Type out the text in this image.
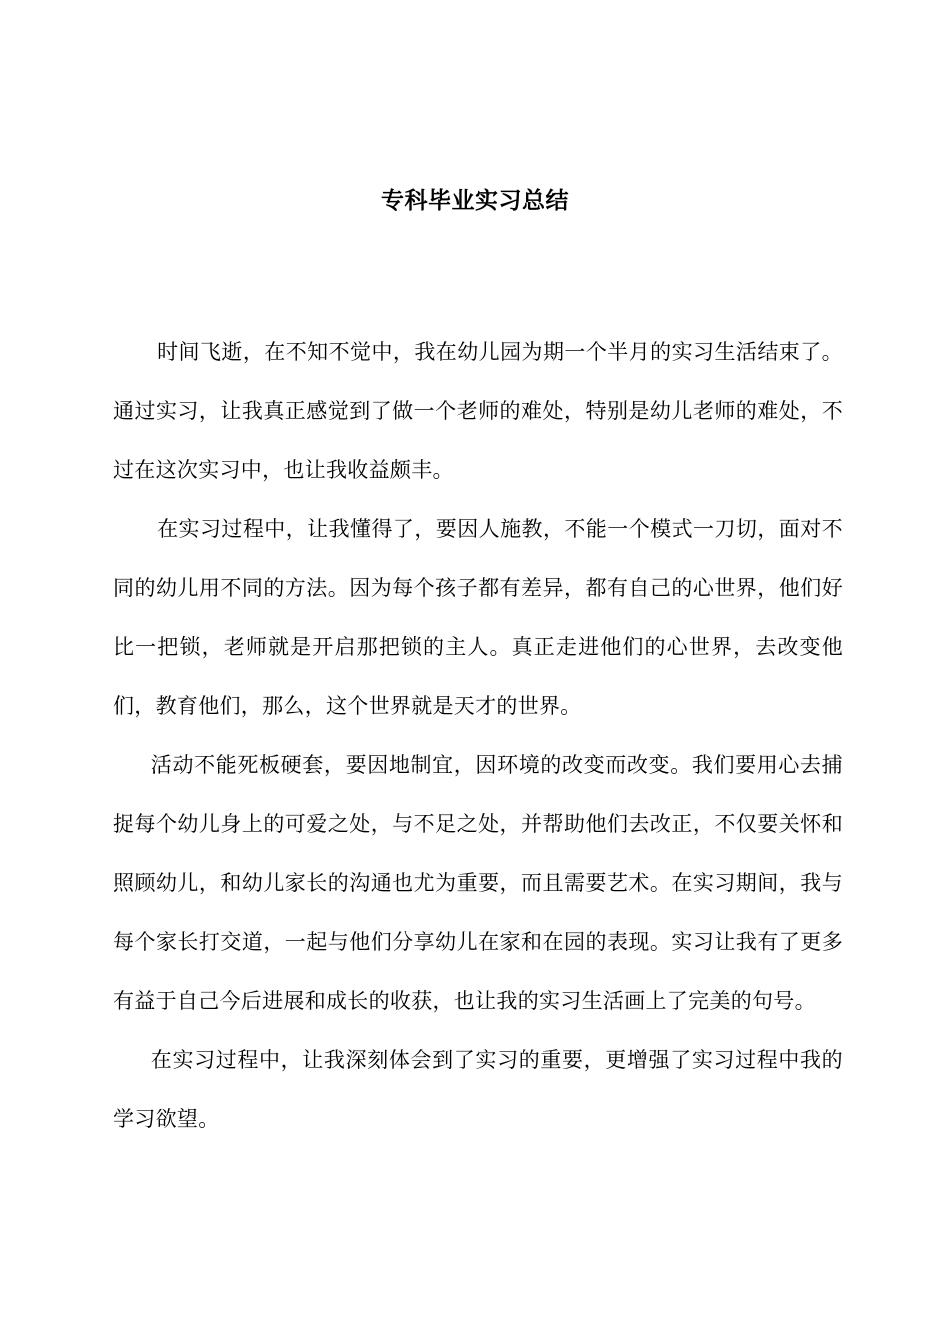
专科毕业实习总结

时间飞逝，在不知不觉中，我在幼儿园为期一个半月的实习生活结束了。通过实习，让我真正感觉到了做一个老师的难处，特别是幼儿老师的难处，不过在这次实习中，也让我收益颇丰。

在实习过程中，让我懂得了，要因人施教，不能一个模式一刀切，面对不同的幼儿用不同的方法。因为每个孩子都有差异，都有自己的心世界，他们好比一把锁，老师就是开启那把锁的主人。真正走进他们的心世界，去改变他们，教育他们，那么，这个世界就是天才的世界。

活动不能死板硬套，要因地制宜，因环境的改变而改变。我们要用心去捕捉每个幼儿身上的可爱之处，与不足之处，并帮助他们去改正，不仅要关怀和照顾幼儿，和幼儿家长的沟通也尤为重要，而且需要艺术。在实习期间，我与每个家长打交道，一起与他们分享幼儿在家和在园的表现。实习让我有了更多有益于自己今后进展和成长的收获，也让我的实习生活画上了完美的句号。

在实习过程中，让我深刻体会到了实习的重要，更增强了实习过程中我的学习欲望。
